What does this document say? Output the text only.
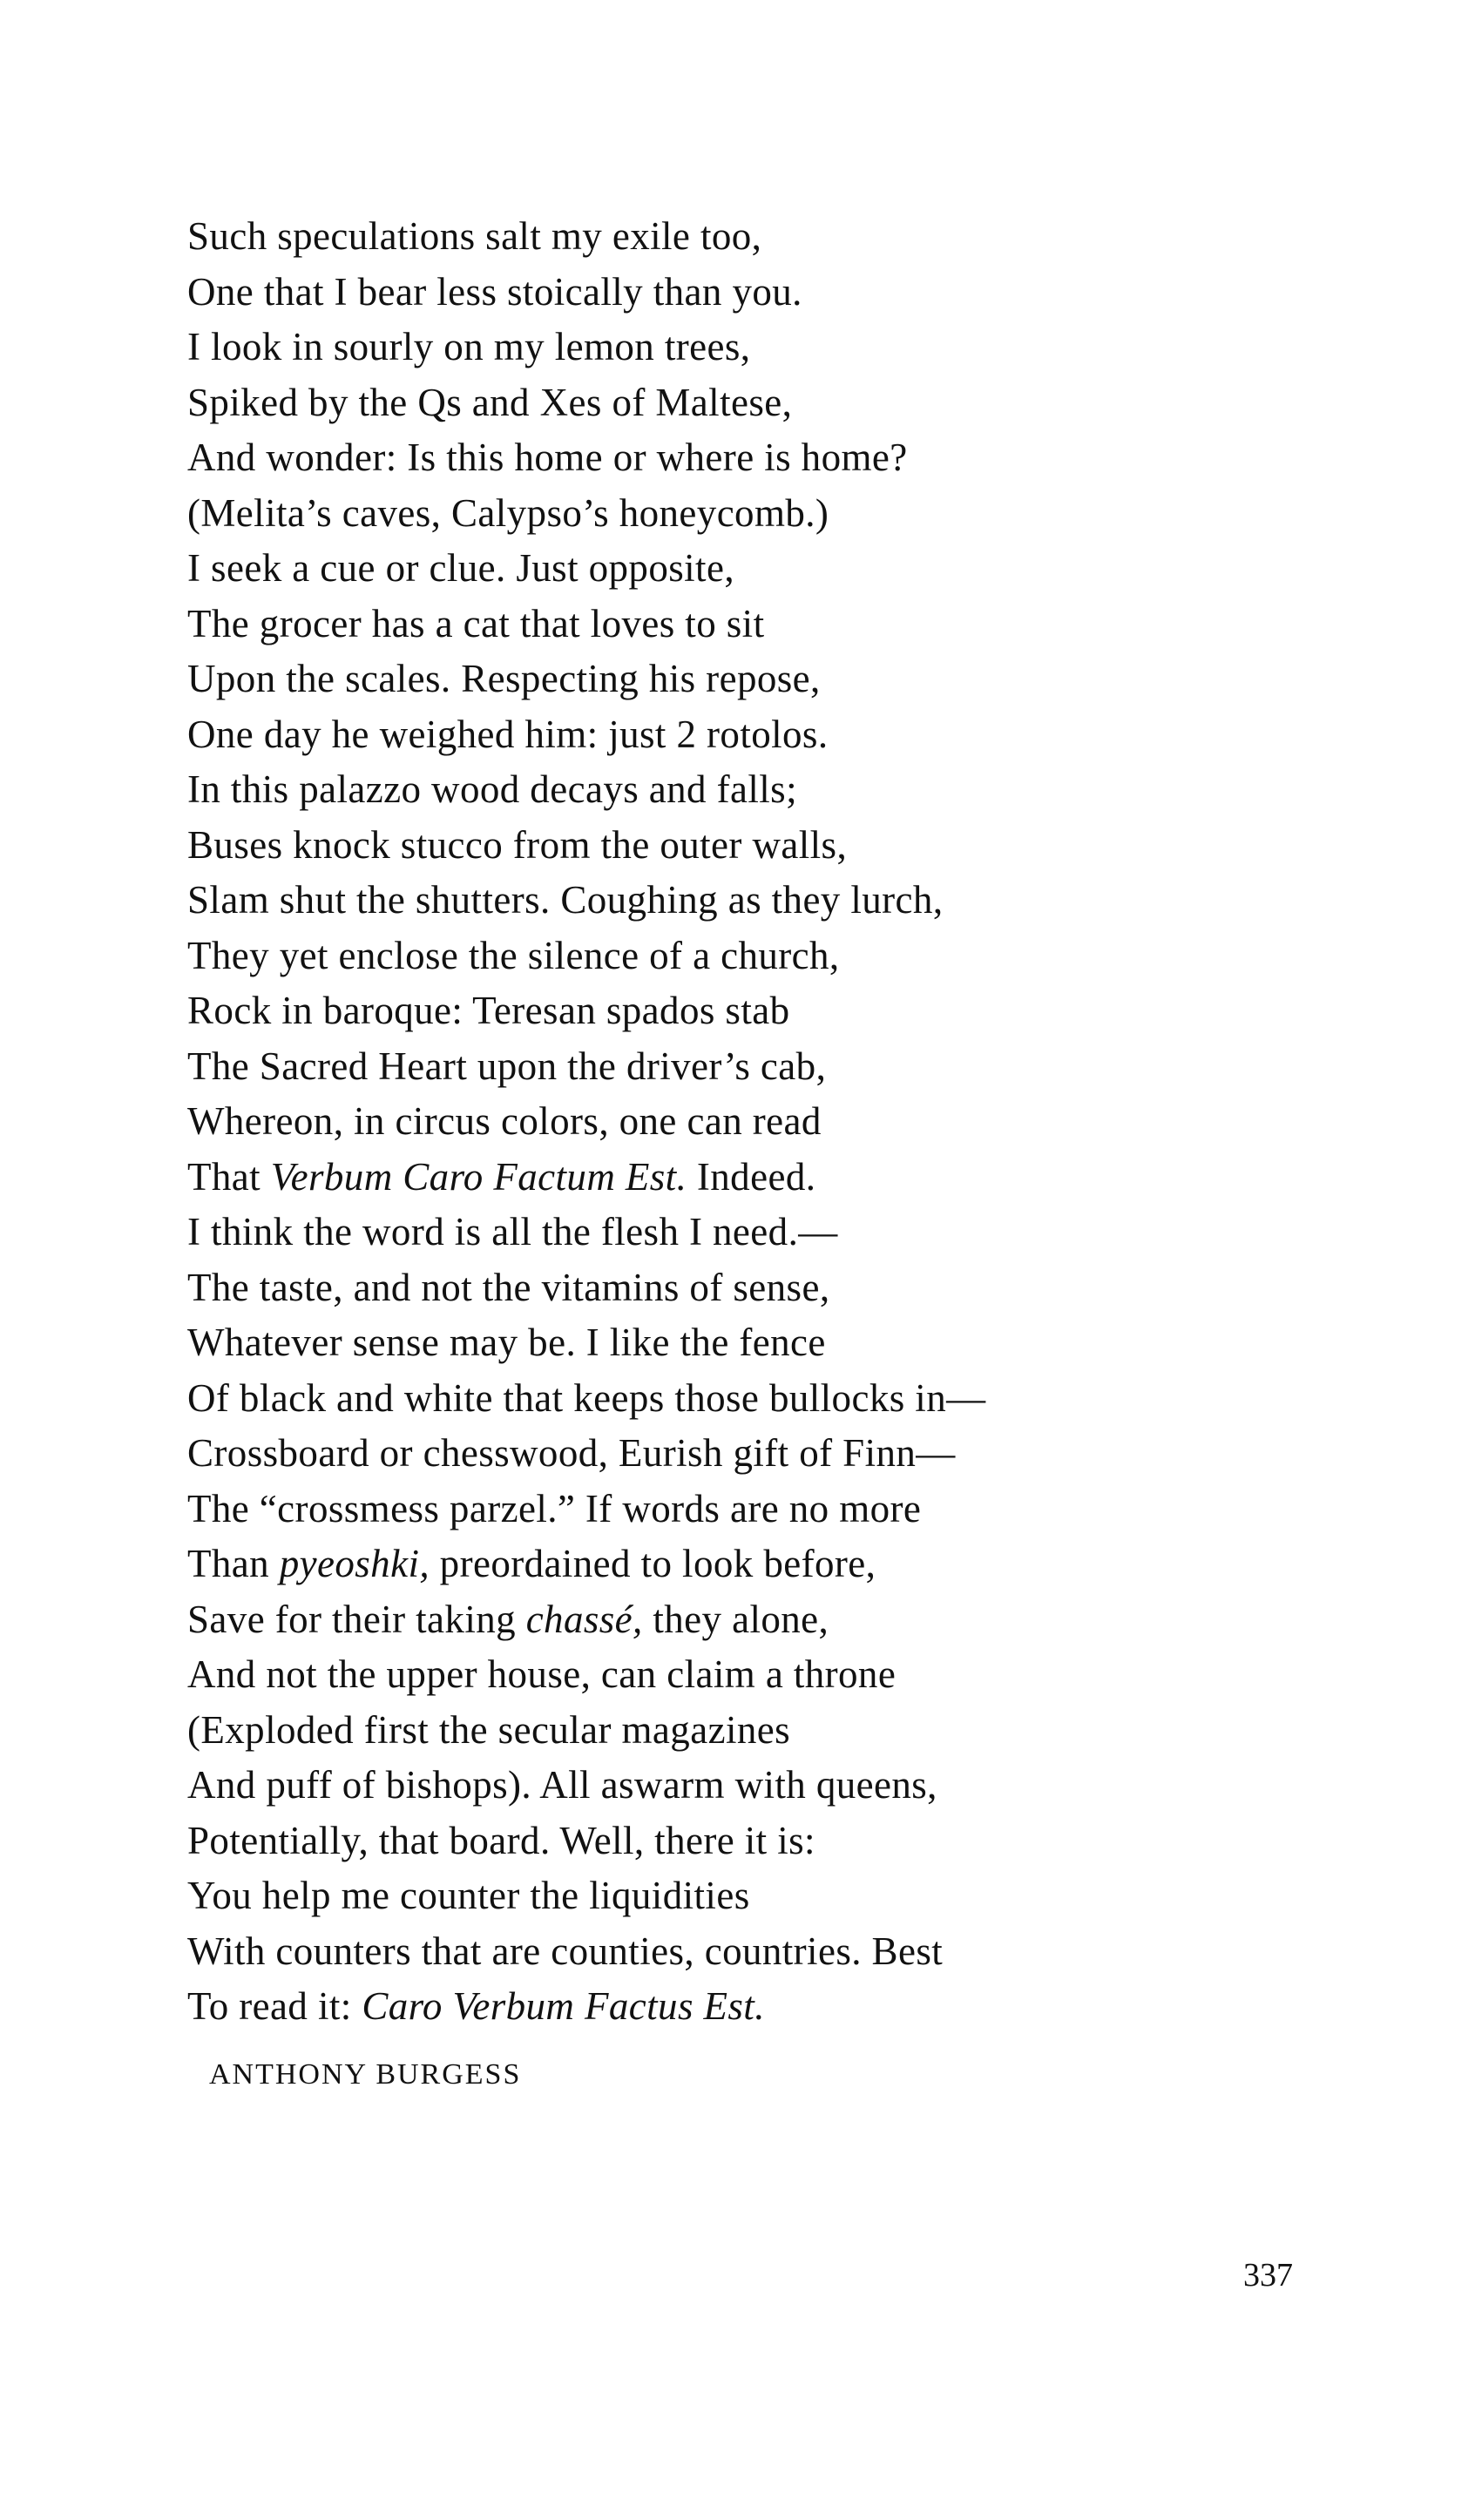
Such speculations salt my exile too,
One that I bear less stoically than you.
I look in sourly on my lemon trees,
Spiked by the Qs and Xes of Maltese,
And wonder: Is this home or where is home?
(Melita’s caves, Calypso’s honeycomb.)
I seek a cue or clue. Just opposite,
The grocer has a cat that loves to sit
Upon the scales. Respecting his repose,
One day he weighed him: just 2 rotolos.
In this palazzo wood decays and falls;
Buses knock stucco from the outer walls,
Slam shut the shutters. Coughing as they lurch,
They yet enclose the silence of a church,
Rock in baroque: Teresan spados stab
The Sacred Heart upon the driver’s cab,
Whereon, in circus colors, one can read
That Verbum Caro Factum Est. Indeed.
I think the word is all the flesh I need.—
The taste, and not the vitamins of sense,
Whatever sense may be. I like the fence
Of black and white that keeps those bullocks in—
Crossboard or chesswood, Eurish gift of Finn—
The “crossmess parzel.” If words are no more
Than pyeoshki, preordained to look before,
Save for their taking chassé, they alone,
And not the upper house, can claim a throne
(Exploded first the secular magazines
And puff of bishops). All aswarm with queens,
Potentially, that board. Well, there it is:
You help me counter the liquidities
With counters that are counties, countries. Best
To read it: Caro Verbum Factus Est.
ANTHONY BURGESS
337
